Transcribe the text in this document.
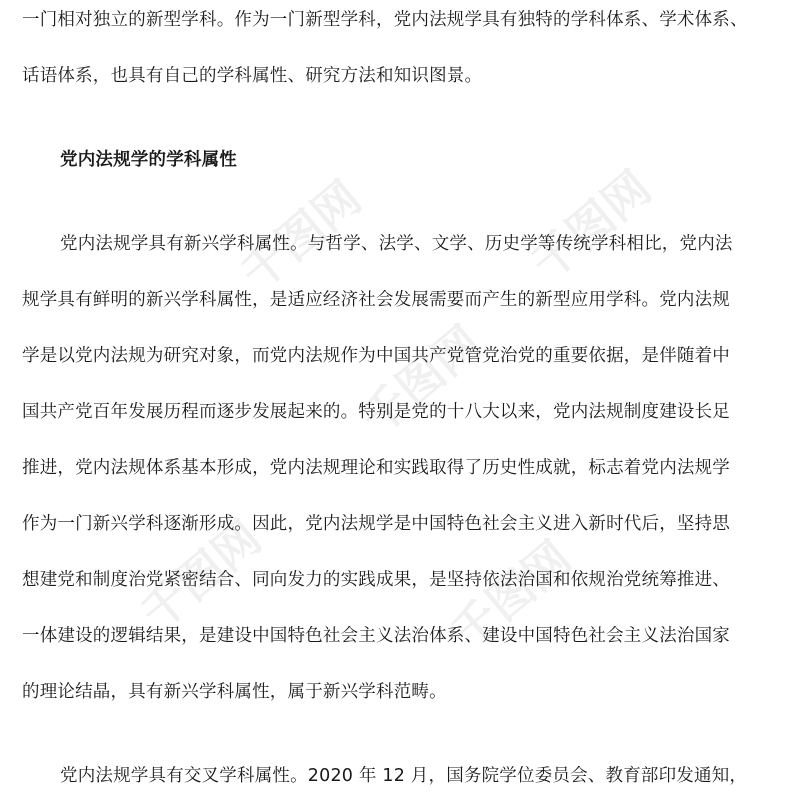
千图网	千图网
千图网
千图网	千图网
一门相对独立的新型学科。作为一门新型学科，党内法规学具有独特的学科体系、学术体系、
话语体系，也具有自己的学科属性、研究方法和知识图景。
党内法规学的学科属性
党内法规学具有新兴学科属性。与哲学、法学、文学、历史学等传统学科相比，党内法
规学具有鲜明的新兴学科属性，是适应经济社会发展需要而产生的新型应用学科。党内法规
学是以党内法规为研究对象，而党内法规作为中国共产党管党治党的重要依据，是伴随着中
国共产党百年发展历程而逐步发展起来的。特别是党的十八大以来，党内法规制度建设长足
推进，党内法规体系基本形成，党内法规理论和实践取得了历史性成就，标志着党内法规学
作为一门新兴学科逐渐形成。因此，党内法规学是中国特色社会主义进入新时代后，坚持思
想建党和制度治党紧密结合、同向发力的实践成果，是坚持依法治国和依规治党统筹推进、
一体建设的逻辑结果，是建设中国特色社会主义法治体系、建设中国特色社会主义法治国家
的理论结晶，具有新兴学科属性，属于新兴学科范畴。
党内法规学具有交叉学科属性。2020 年 12 月，国务院学位委员会、教育部印发通知，
